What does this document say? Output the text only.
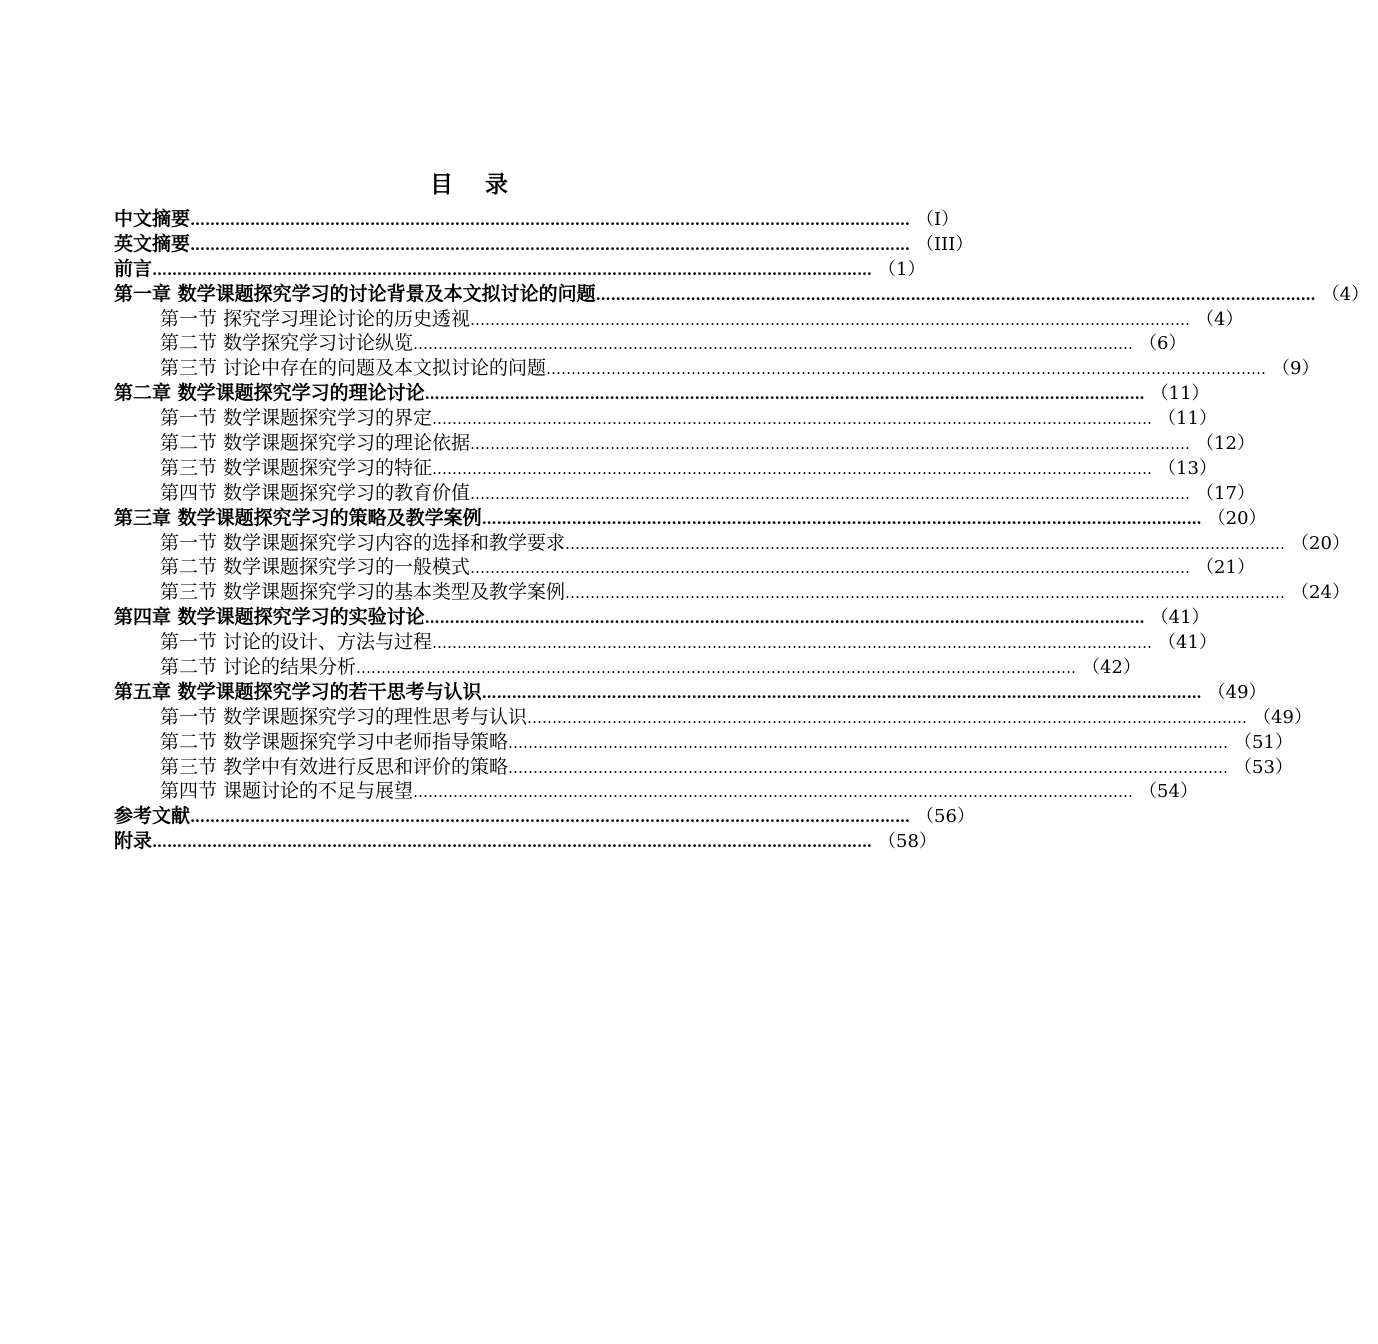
目 录
中文摘要 ……………………………………………………………………………………………………………………………… （I）
英文摘要 ……………………………………………………………………………………………………………………………… （III）
前言 ……………………………………………………………………………………………………………………………… （1）
第一章 数学课题探究学习的讨论背景及本文拟讨论的问题 ……………………………………………………………………………………………………………………………… （4）
第一节 探究学习理论讨论的历史透视 ……………………………………………………………………………………………………………………………… （4）
第二节 数学探究学习讨论纵览 ……………………………………………………………………………………………………………………………… （6）
第三节 讨论中存在的问题及本文拟讨论的问题 ……………………………………………………………………………………………………………………………… （9）
第二章 数学课题探究学习的理论讨论 ……………………………………………………………………………………………………………………………… （11）
第一节 数学课题探究学习的界定 ……………………………………………………………………………………………………………………………… （11）
第二节 数学课题探究学习的理论依据 ……………………………………………………………………………………………………………………………… （12）
第三节 数学课题探究学习的特征 ……………………………………………………………………………………………………………………………… （13）
第四节 数学课题探究学习的教育价值 ……………………………………………………………………………………………………………………………… （17）
第三章 数学课题探究学习的策略及教学案例 ……………………………………………………………………………………………………………………………… （20）
第一节 数学课题探究学习内容的选择和教学要求 ……………………………………………………………………………………………………………………………… （20）
第二节 数学课题探究学习的一般模式 ……………………………………………………………………………………………………………………………… （21）
第三节 数学课题探究学习的基本类型及教学案例 ……………………………………………………………………………………………………………………………… （24）
第四章 数学课题探究学习的实验讨论 ……………………………………………………………………………………………………………………………… （41）
第一节 讨论的设计、方法与过程 ……………………………………………………………………………………………………………………………… （41）
第二节 讨论的结果分析 ……………………………………………………………………………………………………………………………… （42）
第五章 数学课题探究学习的若干思考与认识 ……………………………………………………………………………………………………………………………… （49）
第一节 数学课题探究学习的理性思考与认识 ……………………………………………………………………………………………………………………………… （49）
第二节 数学课题探究学习中老师指导策略 ……………………………………………………………………………………………………………………………… （51）
第三节 教学中有效进行反思和评价的策略 ……………………………………………………………………………………………………………………………… （53）
第四节 课题讨论的不足与展望 ……………………………………………………………………………………………………………………………… （54）
参考文献 ……………………………………………………………………………………………………………………………… （56）
附录 ……………………………………………………………………………………………………………………………… （58）
